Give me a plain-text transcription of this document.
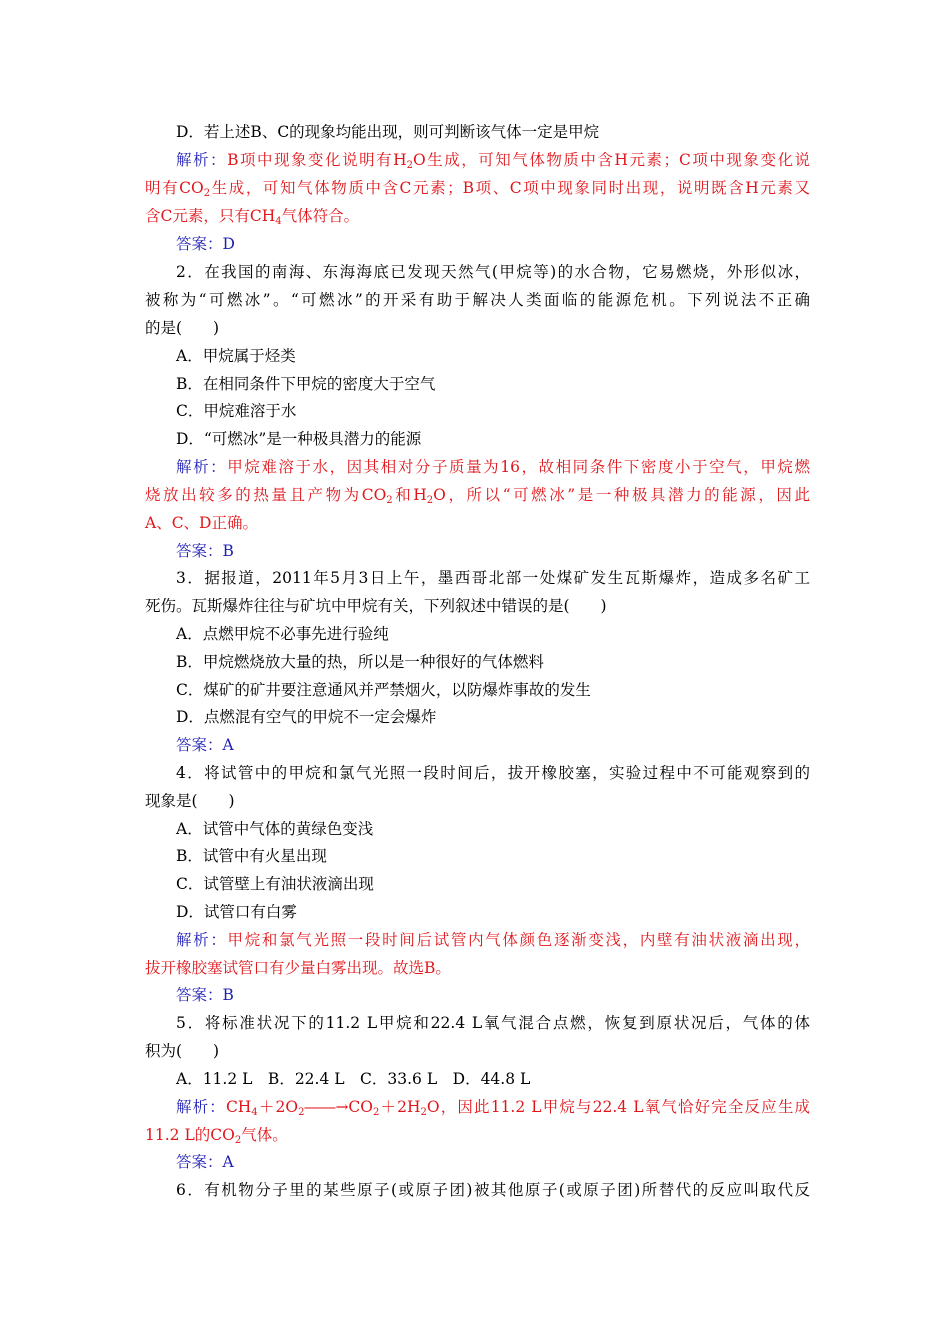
D．若上述B、C的现象均能出现，则可判断该气体一定是甲烷
解析：B项中现象变化说明有$H_2O$生成，可知气体物质中含H元素；C项中现象变化说
明有$CO_2$生成，可知气体物质中含C元素；B项、C项中现象同时出现，说明既含H元素又
含C元素，只有$CH_4$气体符合。
答案：D
2．在我国的南海、东海海底已发现天然气(甲烷等)的水合物，它易燃烧，外形似冰，
被称为“可燃冰”。“可燃冰”的开采有助于解决人类面临的能源危机。下列说法不正确
的是(　　)
A．甲烷属于烃类
B．在相同条件下甲烷的密度大于空气
C．甲烷难溶于水
D．“可燃冰”是一种极具潜力的能源
解析：甲烷难溶于水，因其相对分子质量为16，故相同条件下密度小于空气，甲烷燃
烧放出较多的热量且产物为$CO_2$和$H_2O$，所以“可燃冰”是一种极具潜力的能源，因此
A、C、D正确。
答案：B
3．据报道，2011年5月3日上午，墨西哥北部一处煤矿发生瓦斯爆炸，造成多名矿工
死伤。瓦斯爆炸往往与矿坑中甲烷有关，下列叙述中错误的是(　　)
A．点燃甲烷不必事先进行验纯
B．甲烷燃烧放大量的热，所以是一种很好的气体燃料
C．煤矿的矿井要注意通风并严禁烟火，以防爆炸事故的发生
D．点燃混有空气的甲烷不一定会爆炸
答案：A
4．将试管中的甲烷和氯气光照一段时间后，拔开橡胶塞，实验过程中不可能观察到的
现象是(　　)
A．试管中气体的黄绿色变浅
B．试管中有火星出现
C．试管壁上有油状液滴出现
D．试管口有白雾
解析：甲烷和氯气光照一段时间后试管内气体颜色逐渐变浅，内壁有油状液滴出现，
拔开橡胶塞试管口有少量白雾出现。故选B。
答案：B
5．将标准状况下的11.2 L甲烷和22.4 L氧气混合点燃，恢复到原状况后，气体的体
积为(　　)
A．11.2 L　B．22.4 L　C．33.6 L　D．44.8 L
解析：$CH_4+2O_2――\to CO_2+2H_2O$，因此11.2 L甲烷与22.4 L氧气恰好完全反应生成
11.2 L的$CO_2$气体。
答案：A
6．有机物分子里的某些原子(或原子团)被其他原子(或原子团)所替代的反应叫取代反
